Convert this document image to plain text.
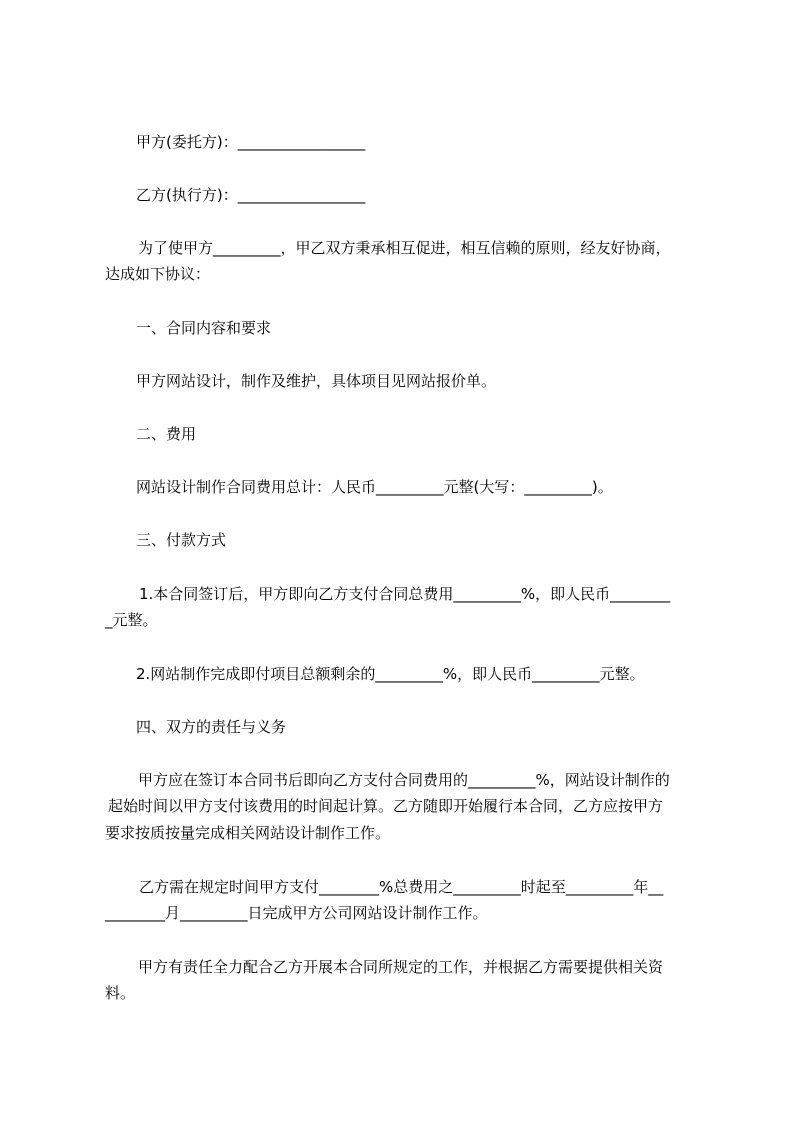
甲方(委托方)：_________________
乙方(执行方)：_________________
为了使甲方_________，甲乙双方秉承相互促进，相互信赖的原则，经友好协商，
达成如下协议：
一、合同内容和要求
甲方网站设计，制作及维护，具体项目见网站报价单。
二、费用
网站设计制作合同费用总计：人民币_________元整(大写：_________)。
三、付款方式
1.本合同签订后，甲方即向乙方支付合同总费用_________%，即人民币________
_元整。
2.网站制作完成即付项目总额剩余的_________%，即人民币_________元整。
四、双方的责任与义务
甲方应在签订本合同书后即向乙方支付合同费用的_________%，网站设计制作的
起始时间以甲方支付该费用的时间起计算。乙方随即开始履行本合同，乙方应按甲方
要求按质按量完成相关网站设计制作工作。
乙方需在规定时间甲方支付________%总费用之_________时起至_________年__
________月_________日完成甲方公司网站设计制作工作。
甲方有责任全力配合乙方开展本合同所规定的工作，并根据乙方需要提供相关资
料。
